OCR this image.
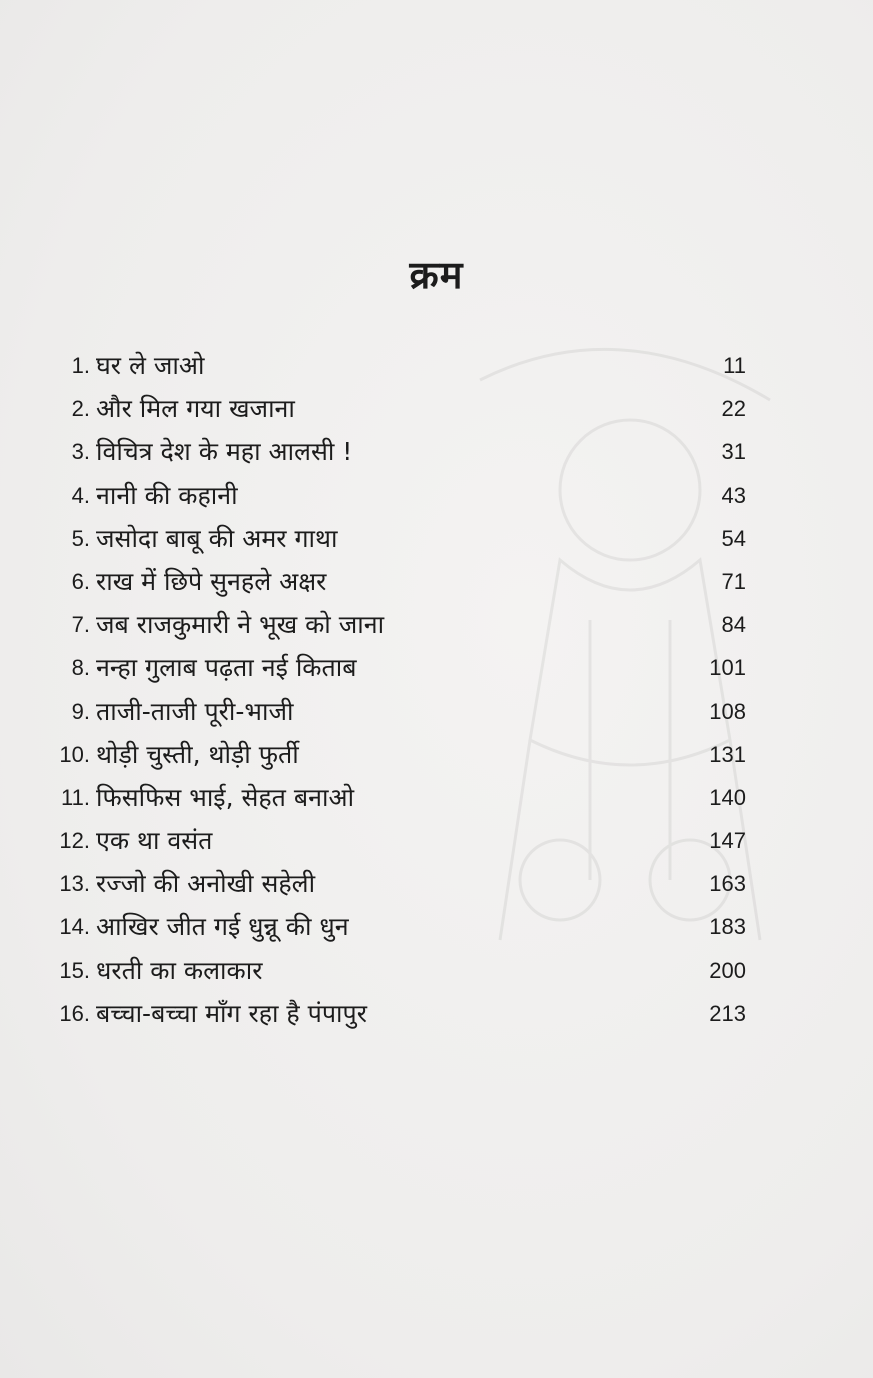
क्रम
1. घर ले जाओ	11
2. और मिल गया खजाना	22
3. विचित्र देश के महा आलसी !	31
4. नानी की कहानी	43
5. जसोदा बाबू की अमर गाथा	54
6. राख में छिपे सुनहले अक्षर	71
7. जब राजकुमारी ने भूख को जाना	84
8. नन्हा गुलाब पढ़ता नई किताब	101
9. ताजी-ताजी पूरी-भाजी	108
10. थोड़ी चुस्ती, थोड़ी फुर्ती	131
11. फिसफिस भाई, सेहत बनाओ	140
12. एक था वसंत	147
13. रज्जो की अनोखी सहेली	163
14. आखिर जीत गई धुन्नू की धुन	183
15. धरती का कलाकार	200
16. बच्चा-बच्चा माँग रहा है पंपापुर	213
